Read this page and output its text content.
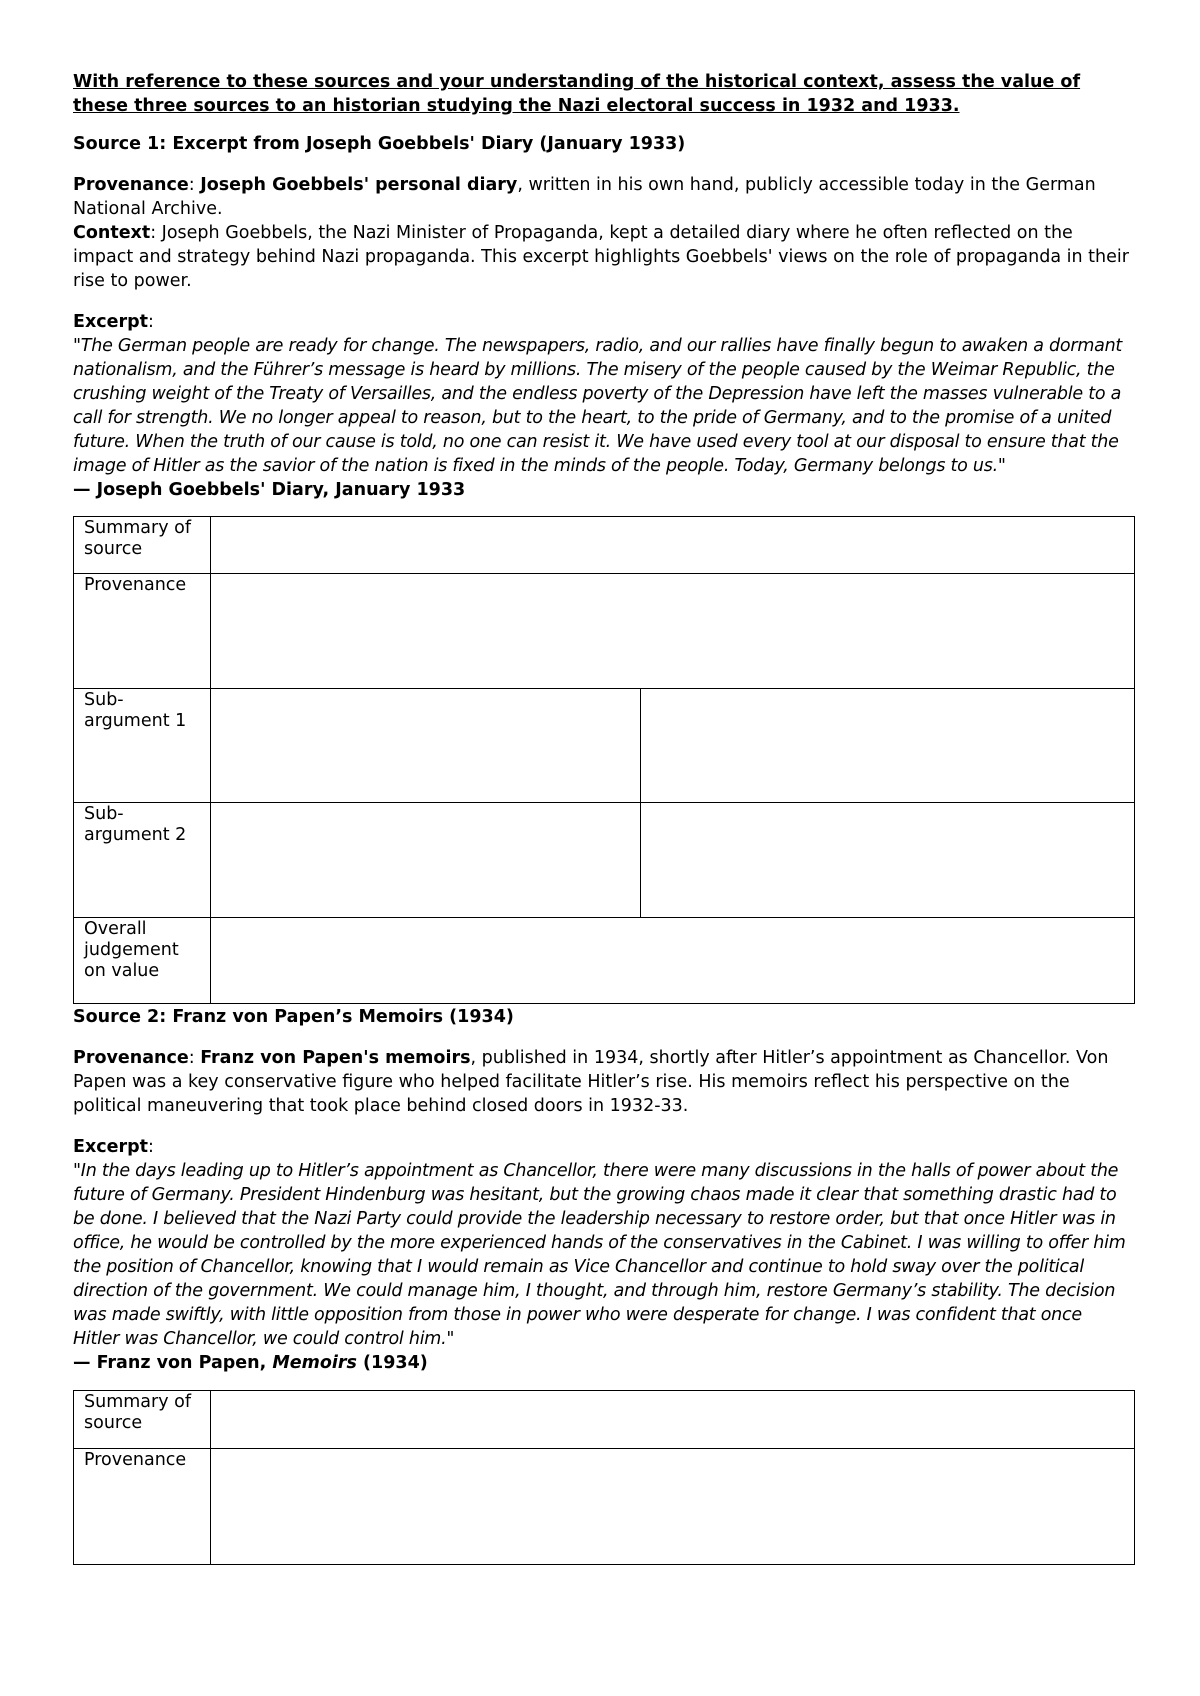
With reference to these sources and your understanding of the historical context, assess the value of
these three sources to an historian studying the Nazi electoral success in 1932 and 1933.

Source 1: Excerpt from Joseph Goebbels' Diary (January 1933)

Provenance: Joseph Goebbels' personal diary, written in his own hand, publicly accessible today in the German National Archive.

Context: Joseph Goebbels, the Nazi Minister of Propaganda, kept a detailed diary where he often reflected on the impact and strategy behind Nazi propaganda. This excerpt highlights Goebbels' views on the role of propaganda in their rise to power.

Excerpt:

"The German people are ready for change. The newspapers, radio, and our rallies have finally begun to awaken a dormant nationalism, and the Führer’s message is heard by millions. The misery of the people caused by the Weimar Republic, the crushing weight of the Treaty of Versailles, and the endless poverty of the Depression have left the masses vulnerable to a call for strength. We no longer appeal to reason, but to the heart, to the pride of Germany, and to the promise of a united future. When the truth of our cause is told, no one can resist it. We have used every tool at our disposal to ensure that the image of Hitler as the savior of the nation is fixed in the minds of the people. Today, Germany belongs to us."

— Joseph Goebbels' Diary, January 1933

Summary of source		
Provenance		
Sub-argument 1		
Sub-argument 2		
Overall judgement on value		

Source 2: Franz von Papen’s Memoirs (1934)

Provenance: Franz von Papen's memoirs, published in 1934, shortly after Hitler’s appointment as Chancellor. Von Papen was a key conservative figure who helped facilitate Hitler’s rise. His memoirs reflect his perspective on the political maneuvering that took place behind closed doors in 1932-33.

Excerpt:

"In the days leading up to Hitler’s appointment as Chancellor, there were many discussions in the halls of power about the future of Germany. President Hindenburg was hesitant, but the growing chaos made it clear that something drastic had to be done. I believed that the Nazi Party could provide the leadership necessary to restore order, but that once Hitler was in office, he would be controlled by the more experienced hands of the conservatives in the Cabinet. I was willing to offer him the position of Chancellor, knowing that I would remain as Vice Chancellor and continue to hold sway over the political direction of the government. We could manage him, I thought, and through him, restore Germany’s stability. The decision was made swiftly, with little opposition from those in power who were desperate for change. I was confident that once Hitler was Chancellor, we could control him."

— Franz von Papen, Memoirs (1934)

Summary of source	
Provenance	
